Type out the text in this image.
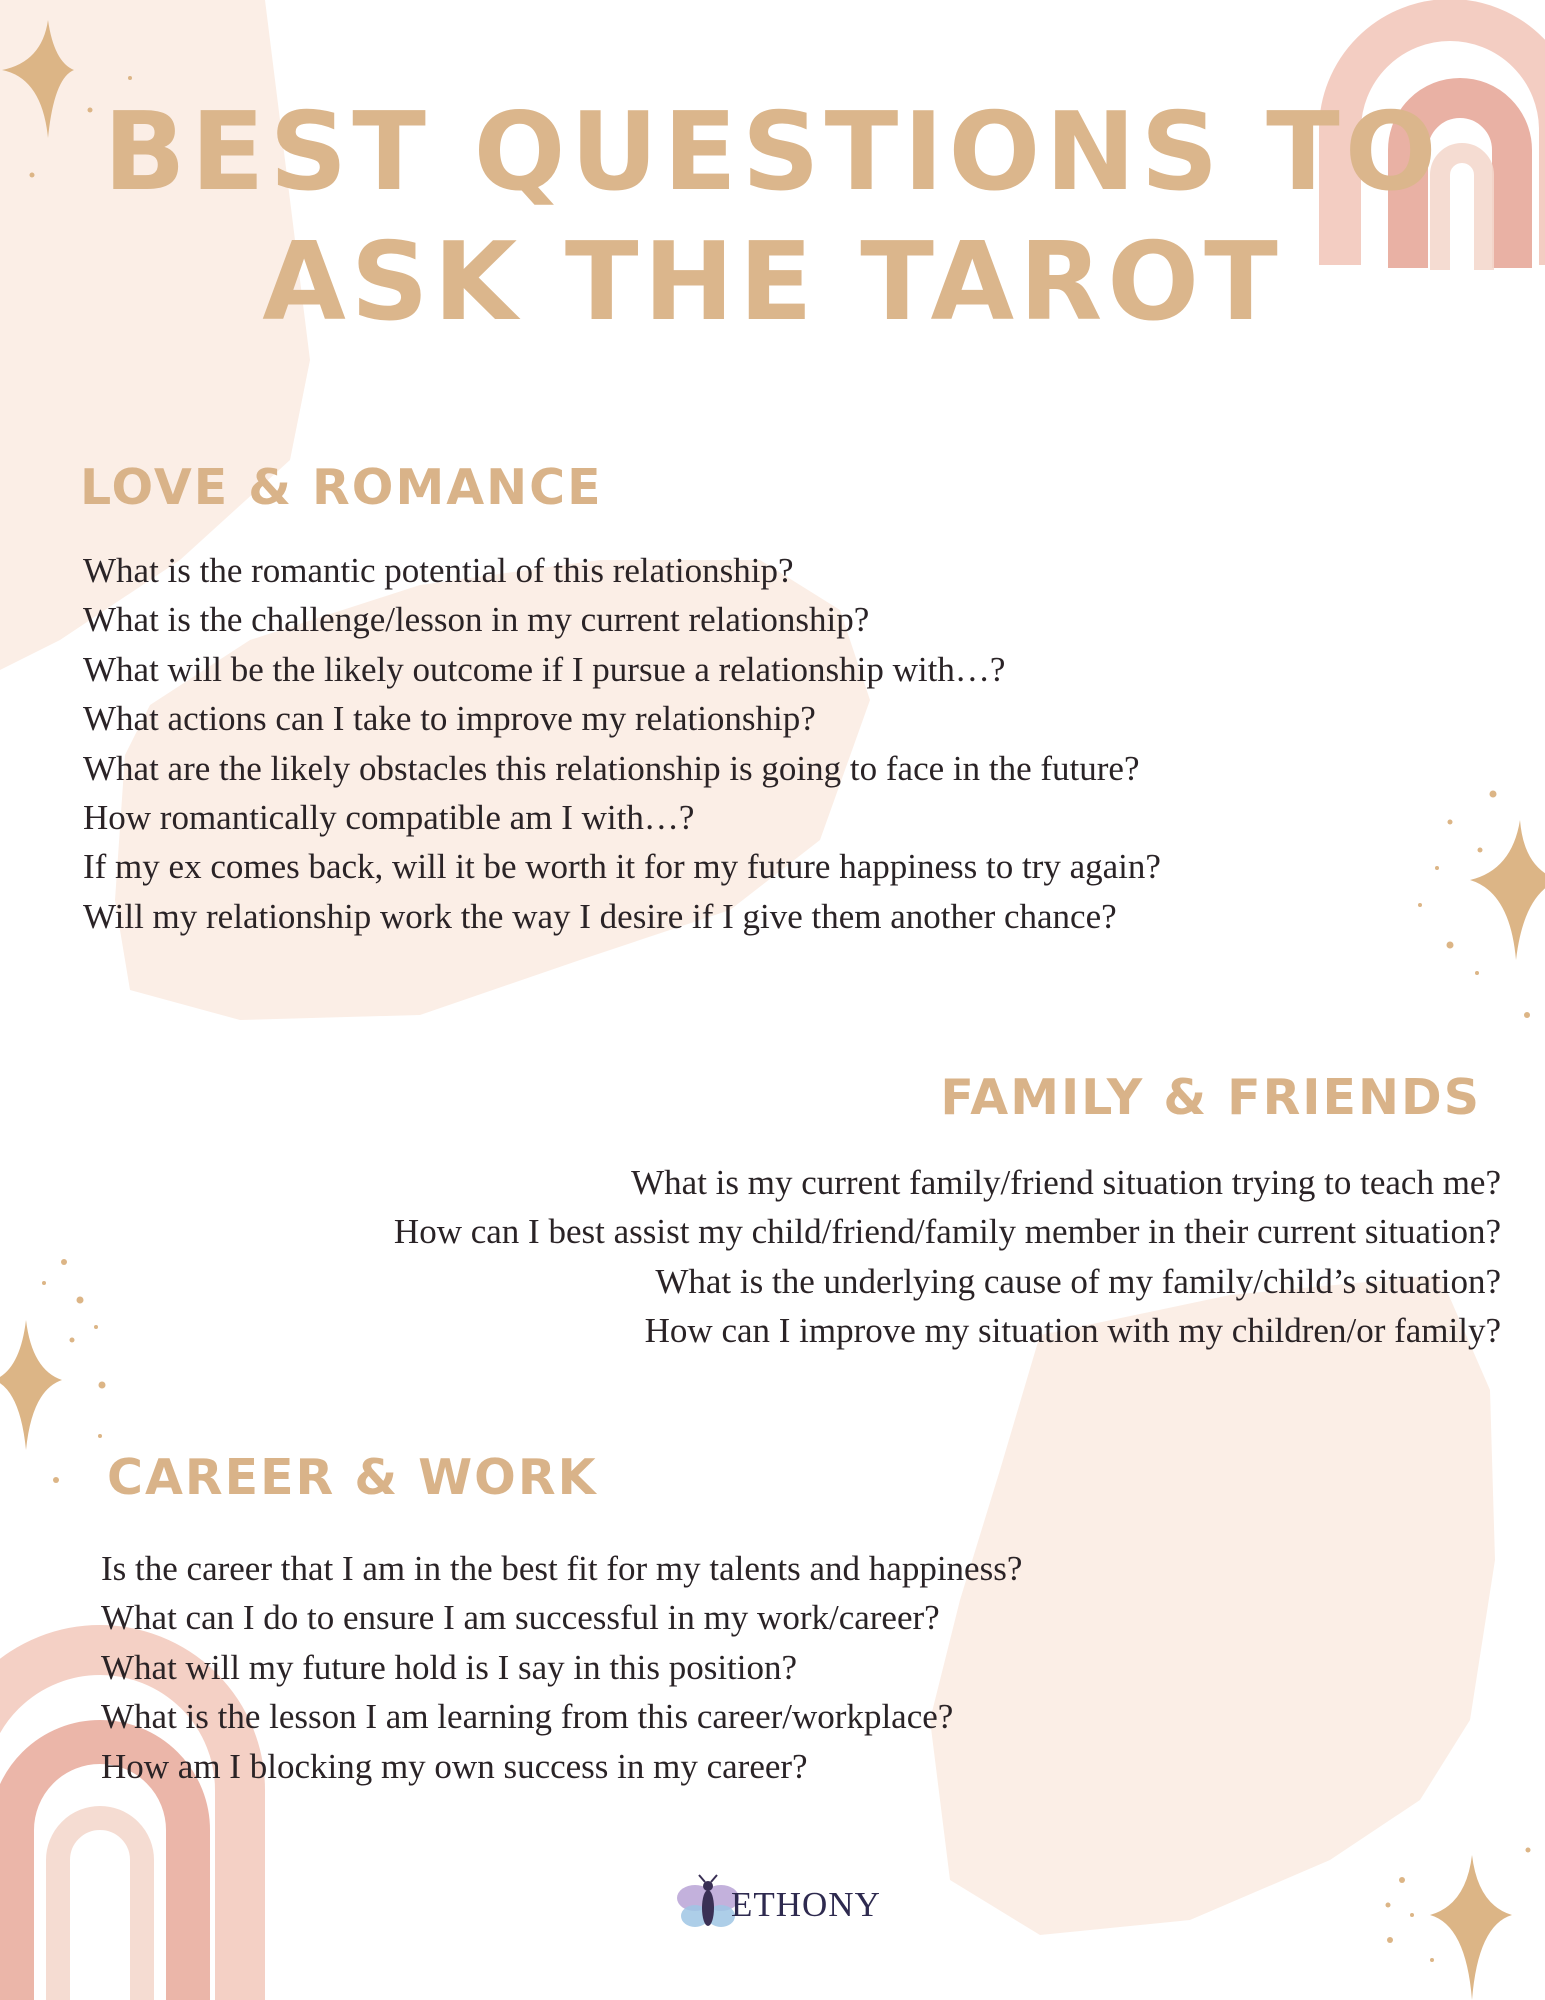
BEST QUESTIONS TO
ASK THE TAROT
LOVE & ROMANCE
What is the romantic potential of this relationship?
What is the challenge/lesson in my current relationship?
What will be the likely outcome if I pursue a relationship with…?
What actions can I take to improve my relationship?
What are the likely obstacles this relationship is going to face in the future?
How romantically compatible am I with…?
If my ex comes back, will it be worth it for my future happiness to try again?
Will my relationship work the way I desire if I give them another chance?
FAMILY & FRIENDS
What is my current family/friend situation trying to teach me?
How can I best assist my child/friend/family member in their current situation?
What is the underlying cause of my family/child’s situation?
How can I improve my situation with my children/or family?
CAREER & WORK
Is the career that I am in the best fit for my talents and happiness?
What can I do to ensure I am successful in my work/career?
What will my future hold is I say in this position?
What is the lesson I am learning from this career/workplace?
How am I blocking my own success in my career?
ETHONY
